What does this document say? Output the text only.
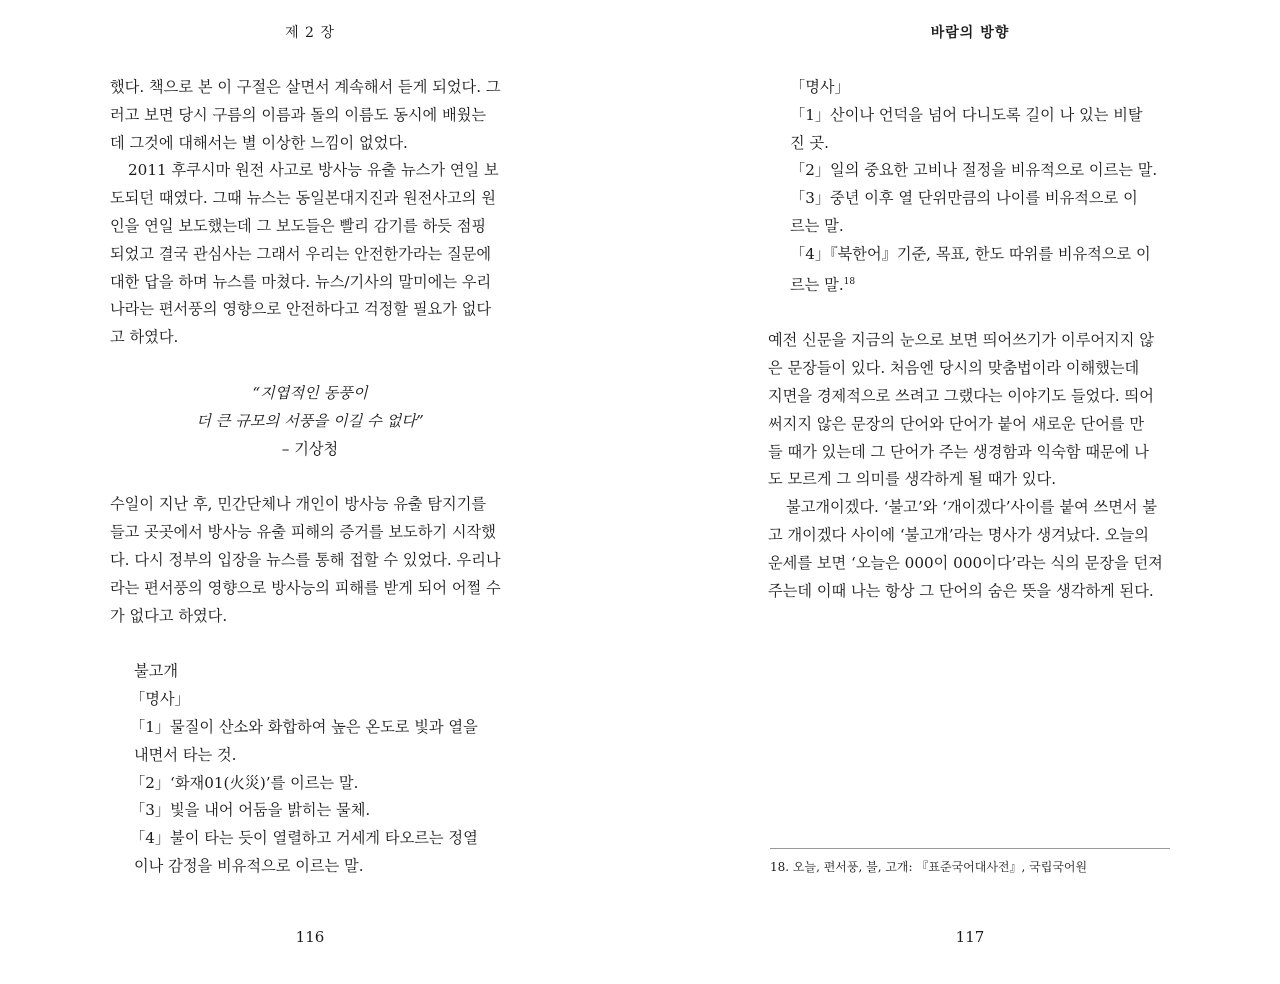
제 2 장
했다. 책으로 본 이 구절은 살면서 계속해서 듣게 되었다. 그
러고 보면 당시 구름의 이름과 돌의 이름도 동시에 배웠는
데 그것에 대해서는 별 이상한 느낌이 없었다.
2011 후쿠시마 원전 사고로 방사능 유출 뉴스가 연일 보
도되던 때였다. 그때 뉴스는 동일본대지진과 원전사고의 원
인을 연일 보도했는데 그 보도들은 빨리 감기를 하듯 점핑
되었고 결국 관심사는 그래서 우리는 안전한가라는 질문에
대한 답을 하며 뉴스를 마쳤다. 뉴스/기사의 말미에는 우리
나라는 편서풍의 영향으로 안전하다고 걱정할 필요가 없다
고 하였다.
“지엽적인 동풍이
더 큰 규모의 서풍을 이길 수 없다”
– 기상청
수일이 지난 후, 민간단체나 개인이 방사능 유출 탐지기를
들고 곳곳에서 방사능 유출 피해의 증거를 보도하기 시작했
다. 다시 정부의 입장을 뉴스를 통해 접할 수 있었다. 우리나
라는 편서풍의 영향으로 방사능의 피해를 받게 되어 어쩔 수
가 없다고 하였다.
불고개
「명사」
「1」물질이 산소와 화합하여 높은 온도로 빛과 열을
내면서 타는 것.
「2」‘화재01(火災)’를 이르는 말.
「3」빛을 내어 어둠을 밝히는 물체.
「4」불이 타는 듯이 열렬하고 거세게 타오르는 정열
이나 감정을 비유적으로 이르는 말.
116
바람의 방향
「명사」
「1」산이나 언덕을 넘어 다니도록 길이 나 있는 비탈
진 곳.
「2」일의 중요한 고비나 절정을 비유적으로 이르는 말.
「3」중년 이후 열 단위만큼의 나이를 비유적으로 이
르는 말.
「4」『북한어』기준, 목표, 한도 따위를 비유적으로 이
르는 말.$^{18}$
예전 신문을 지금의 눈으로 보면 띄어쓰기가 이루어지지 않
은 문장들이 있다. 처음엔 당시의 맞춤법이라 이해했는데
지면을 경제적으로 쓰려고 그랬다는 이야기도 들었다. 띄어
써지지 않은 문장의 단어와 단어가 붙어 새로운 단어를 만
들 때가 있는데 그 단어가 주는 생경함과 익숙함 때문에 나
도 모르게 그 의미를 생각하게 될 때가 있다.
불고개이겠다. ‘불고’와 ‘개이겠다’사이를 붙여 쓰면서 불
고 개이겠다 사이에 ‘불고개’라는 명사가 생겨났다. 오늘의
운세를 보면 ‘오늘은 000이 000이다’라는 식의 문장을 던져
주는데 이때 나는 항상 그 단어의 숨은 뜻을 생각하게 된다.
117
18. 오늘, 편서풍, 불, 고개: 『표준국어대사전』, 국립국어원
